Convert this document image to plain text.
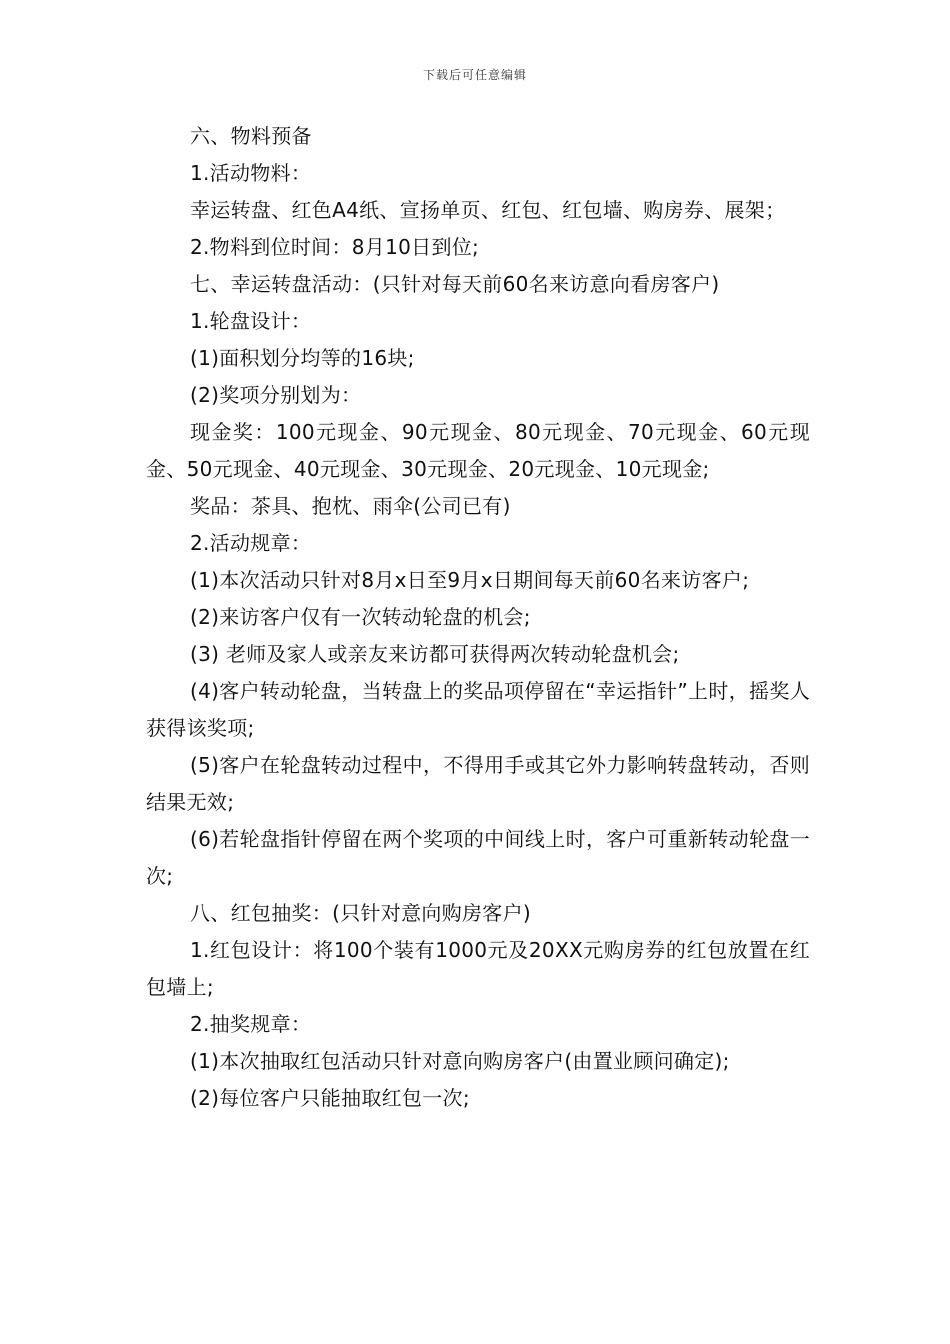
下载后可任意编辑

六、物料预备

1.活动物料：

幸运转盘、红色A4纸、宣扬单页、红包、红包墙、购房券、展架；

2.物料到位时间：8月10日到位;

七、幸运转盘活动：(只针对每天前60名来访意向看房客户)

1.轮盘设计：

(1)面积划分均等的16块;

(2)奖项分别划为：

现金奖：100元现金、90元现金、80元现金、70元现金、60元现金、50元现金、40元现金、30元现金、20元现金、10元现金;

奖品：茶具、抱枕、雨伞(公司已有)

2.活动规章：

(1)本次活动只针对8月x日至9月x日期间每天前60名来访客户;

(2)来访客户仅有一次转动轮盘的机会;

(3) 老师及家人或亲友来访都可获得两次转动轮盘机会;

(4)客户转动轮盘，当转盘上的奖品项停留在“幸运指针”上时，摇奖人获得该奖项;

(5)客户在轮盘转动过程中，不得用手或其它外力影响转盘转动，否则结果无效;

(6)若轮盘指针停留在两个奖项的中间线上时，客户可重新转动轮盘一次;

八、红包抽奖：(只针对意向购房客户)

1.红包设计：将100个装有1000元及20XX元购房券的红包放置在红包墙上;

2.抽奖规章：

(1)本次抽取红包活动只针对意向购房客户(由置业顾问确定);

(2)每位客户只能抽取红包一次;
